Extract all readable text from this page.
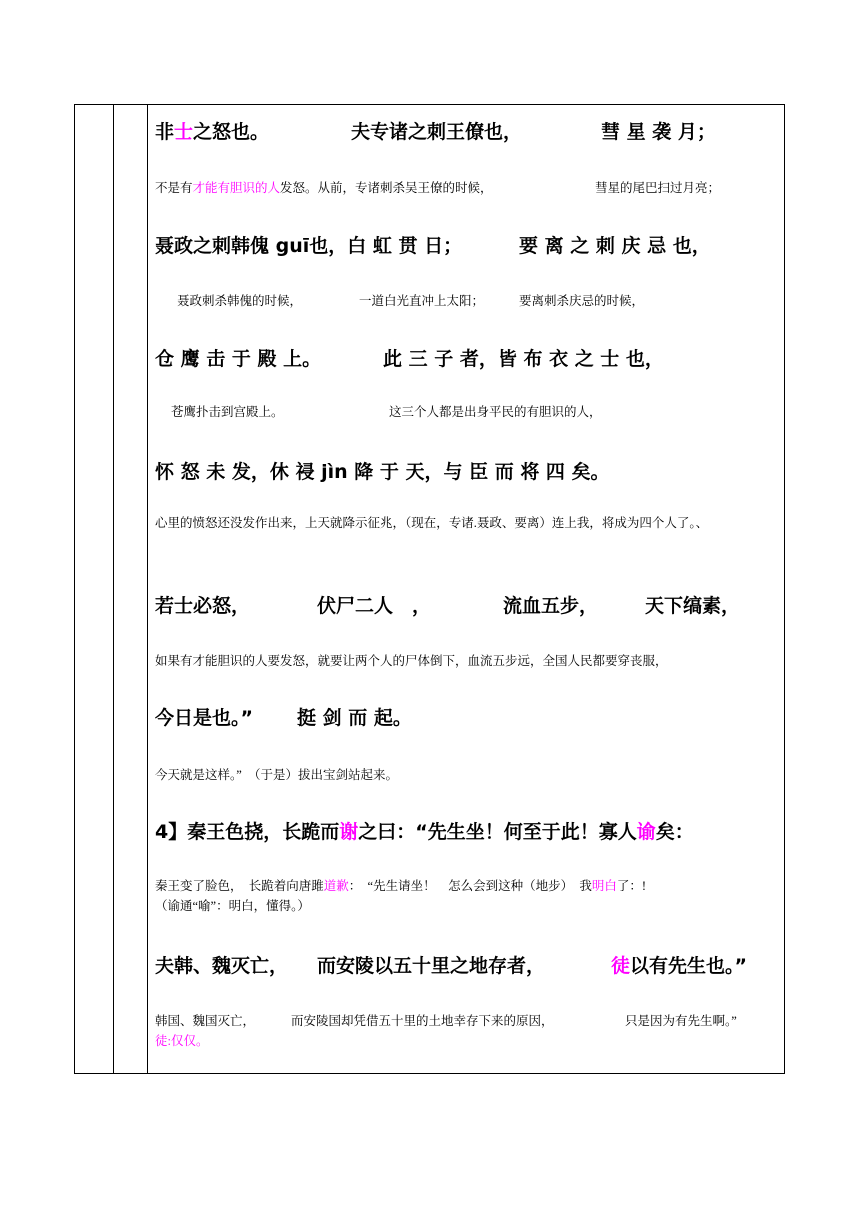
非士之怒也。	夫专诸之刺王僚也，	彗 星 袭 月；
不是有才能有胆识的人发怒。从前，专诸刺杀吴王僚的时候，	彗星的尾巴扫过月亮；
聂政之刺韩傀 guī也，白 虹 贯 日；	要 离 之 刺 庆 忌 也，
聂政刺杀韩傀的时候，	一道白光直冲上太阳；	要离刺杀庆忌的时候，
仓 鹰 击 于 殿 上。	此 三 子 者，皆 布 衣 之 士 也，
苍鹰扑击到宫殿上。	这三个人都是出身平民的有胆识的人，
怀 怒 未 发，休 祲 jìn 降 于 天，与 臣 而 将 四 矣。
心里的愤怒还没发作出来，上天就降示征兆，（现在，专诸.聂政、要离）连上我，将成为四个人了。、
若士必怒，	伏尸二人　，	流血五步， 天下缟素，
如果有才能胆识的人要发怒，就要让两个人的尸体倒下，血流五步远，全国人民都要穿丧服，
今日是也。” 挺 剑 而 起。
今天就是这样。”　（于是）拔出宝剑站起来。
4】秦王色挠，长跪而谢之曰：“先生坐！何至于此！寡人谕矣：
秦王变了脸色，　长跪着向唐雎道歉：　“先生请坐！　怎么会到这种（地步）　我明白了：!
（谕通“喻”：明白，懂得。）
夫韩、魏灭亡， 而安陵以五十里之地存者，	徒以有先生也。”
韩国、魏国灭亡，	而安陵国却凭借五十里的土地幸存下来的原因，	只是因为有先生啊。”
徒:仅仅。
